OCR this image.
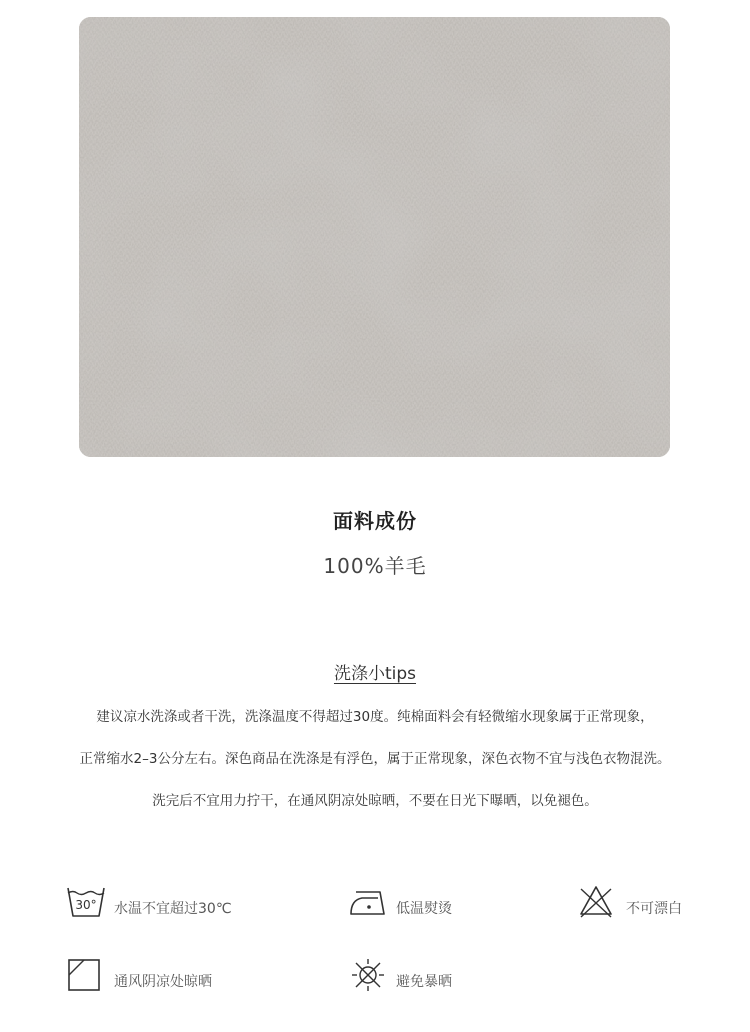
面料成份
100%羊毛
洗涤小tips
建议凉水洗涤或者干洗，洗涤温度不得超过30度。纯棉面料会有轻微缩水现象属于正常现象，
正常缩水2–3公分左右。深色商品在洗涤是有浮色，属于正常现象，深色衣物不宜与浅色衣物混洗。
洗完后不宜用力拧干，在通风阴凉处晾晒，不要在日光下曝晒，以免褪色。
30° 水温不宜超过30℃	低温熨烫	不可漂白
通风阴凉处晾晒	避免暴晒
